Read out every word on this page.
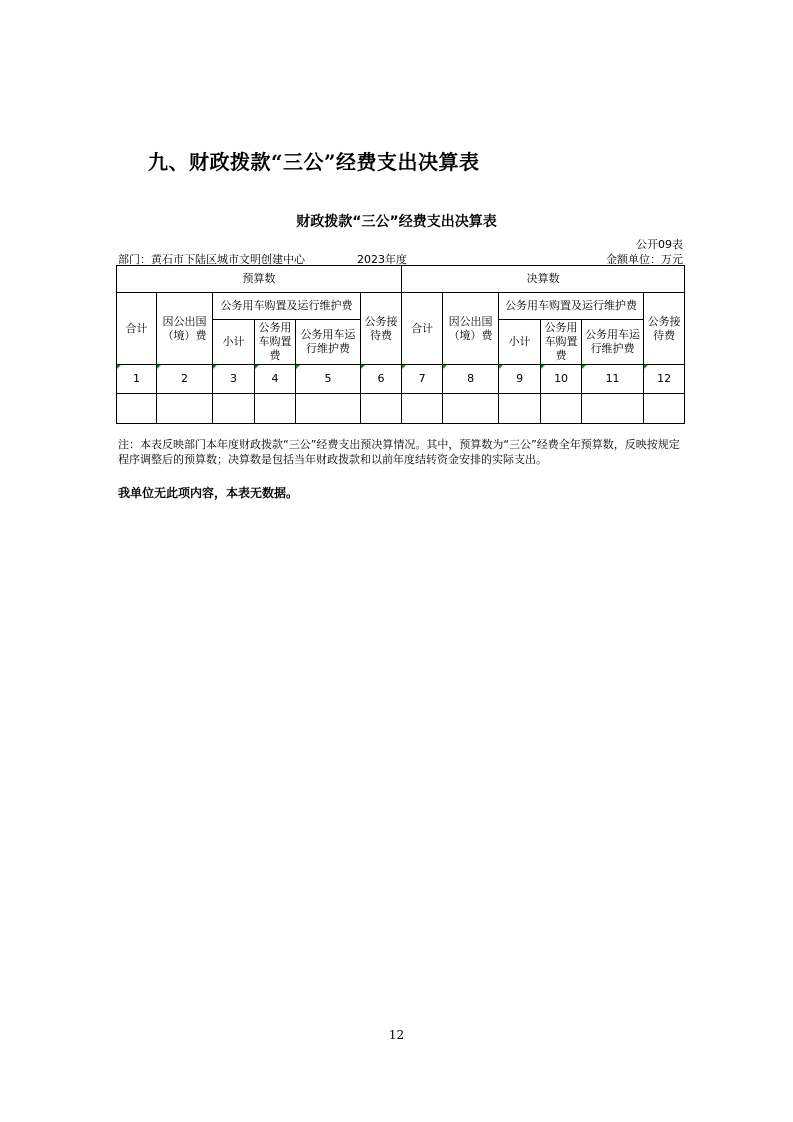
九、财政拨款“三公”经费支出决算表
财政拨款“三公”经费支出决算表
公开09表
部门：黄石市下陆区城市文明创建中心	2023年度	金额单位：万元
预算数						决算数					
合计	因公出国（境）费	公务用车购置及运行维护费			公务接待费	合计	因公出国（境）费	公务用车购置及运行维护费			公务接待费
		小计	公务用车购置费	公务用车运行维护费				小计	公务用车购置费	公务用车运行维护费	
1	2	3	4	5	6	7	8	9	10	11	12

注：本表反映部门本年度财政拨款“三公”经费支出预决算情况。其中，预算数为“三公”经费全年预算数，反映按规定程序调整后的预算数；决算数是包括当年财政拨款和以前年度结转资金安排的实际支出。
我单位无此项内容，本表无数据。
12
